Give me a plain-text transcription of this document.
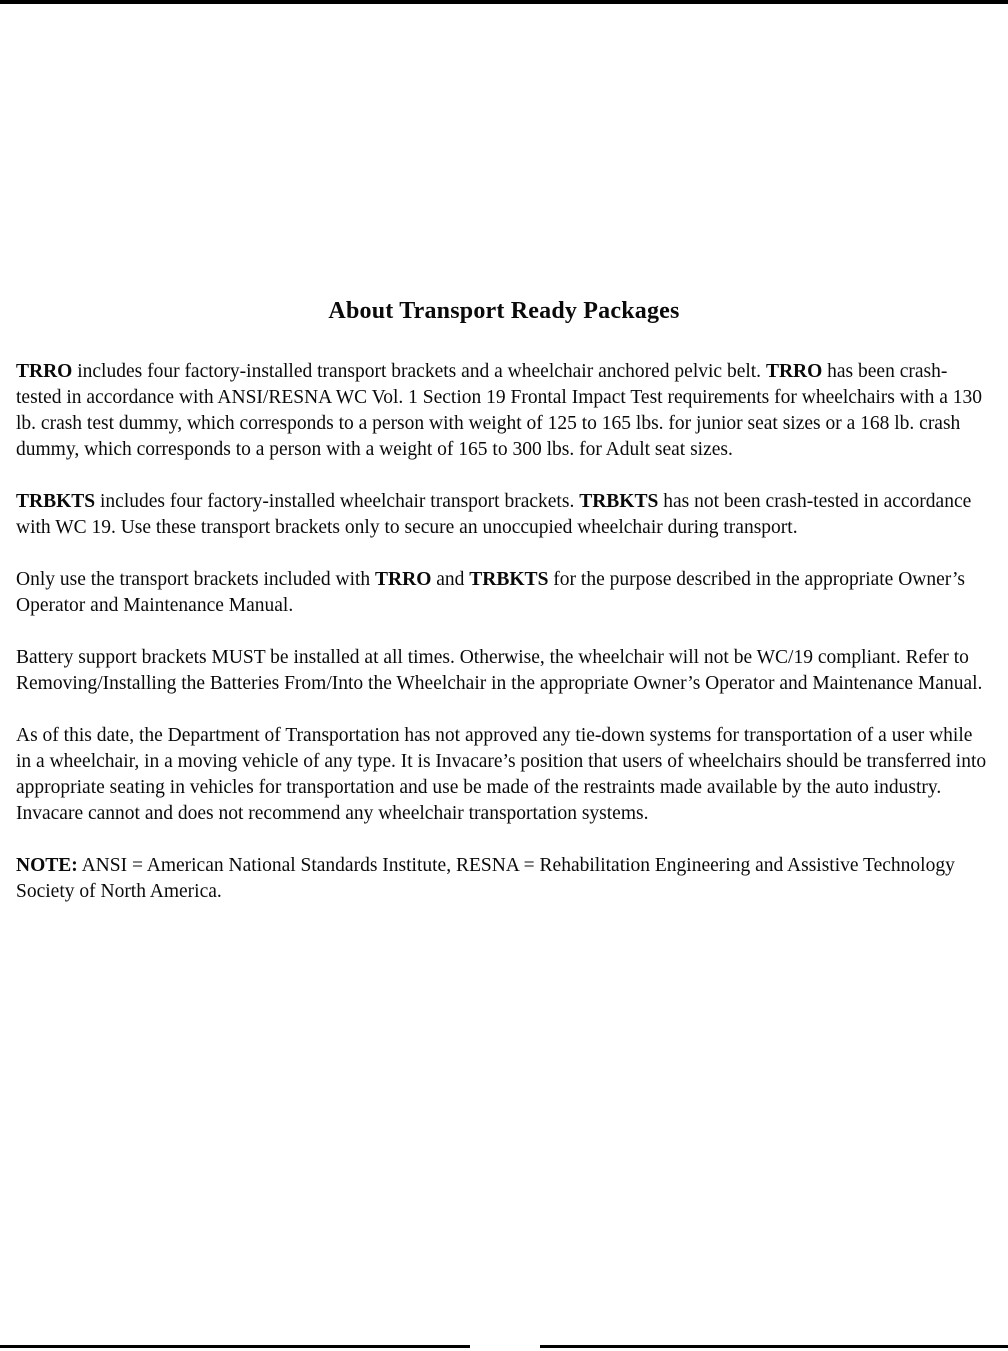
About Transport Ready Packages

TRRO includes four factory-installed transport brackets and a wheelchair anchored pelvic belt. TRRO has been crash-tested in accordance with ANSI/RESNA WC Vol. 1 Section 19 Frontal Impact Test requirements for wheelchairs with a 130 lb. crash test dummy, which corresponds to a person with weight of 125 to 165 lbs. for junior seat sizes or a 168 lb. crash dummy, which corresponds to a person with a weight of 165 to 300 lbs. for Adult seat sizes.

TRBKTS includes four factory-installed wheelchair transport brackets. TRBKTS has not been crash-tested in accordance with WC 19. Use these transport brackets only to secure an unoccupied wheelchair during transport.

Only use the transport brackets included with TRRO and TRBKTS for the purpose described in the appropriate Owner’s Operator and Maintenance Manual.

Battery support brackets MUST be installed at all times. Otherwise, the wheelchair will not be WC/19 compliant. Refer to Removing/Installing the Batteries From/Into the Wheelchair in the appropriate Owner’s Operator and Maintenance Manual.

As of this date, the Department of Transportation has not approved any tie-down systems for transportation of a user while in a wheelchair, in a moving vehicle of any type. It is Invacare’s position that users of wheelchairs should be transferred into appropriate seating in vehicles for transportation and use be made of the restraints made available by the auto industry. Invacare cannot and does not recommend any wheelchair transportation systems.

NOTE: ANSI = American National Standards Institute, RESNA = Rehabilitation Engineering and Assistive Technology Society of North America.
